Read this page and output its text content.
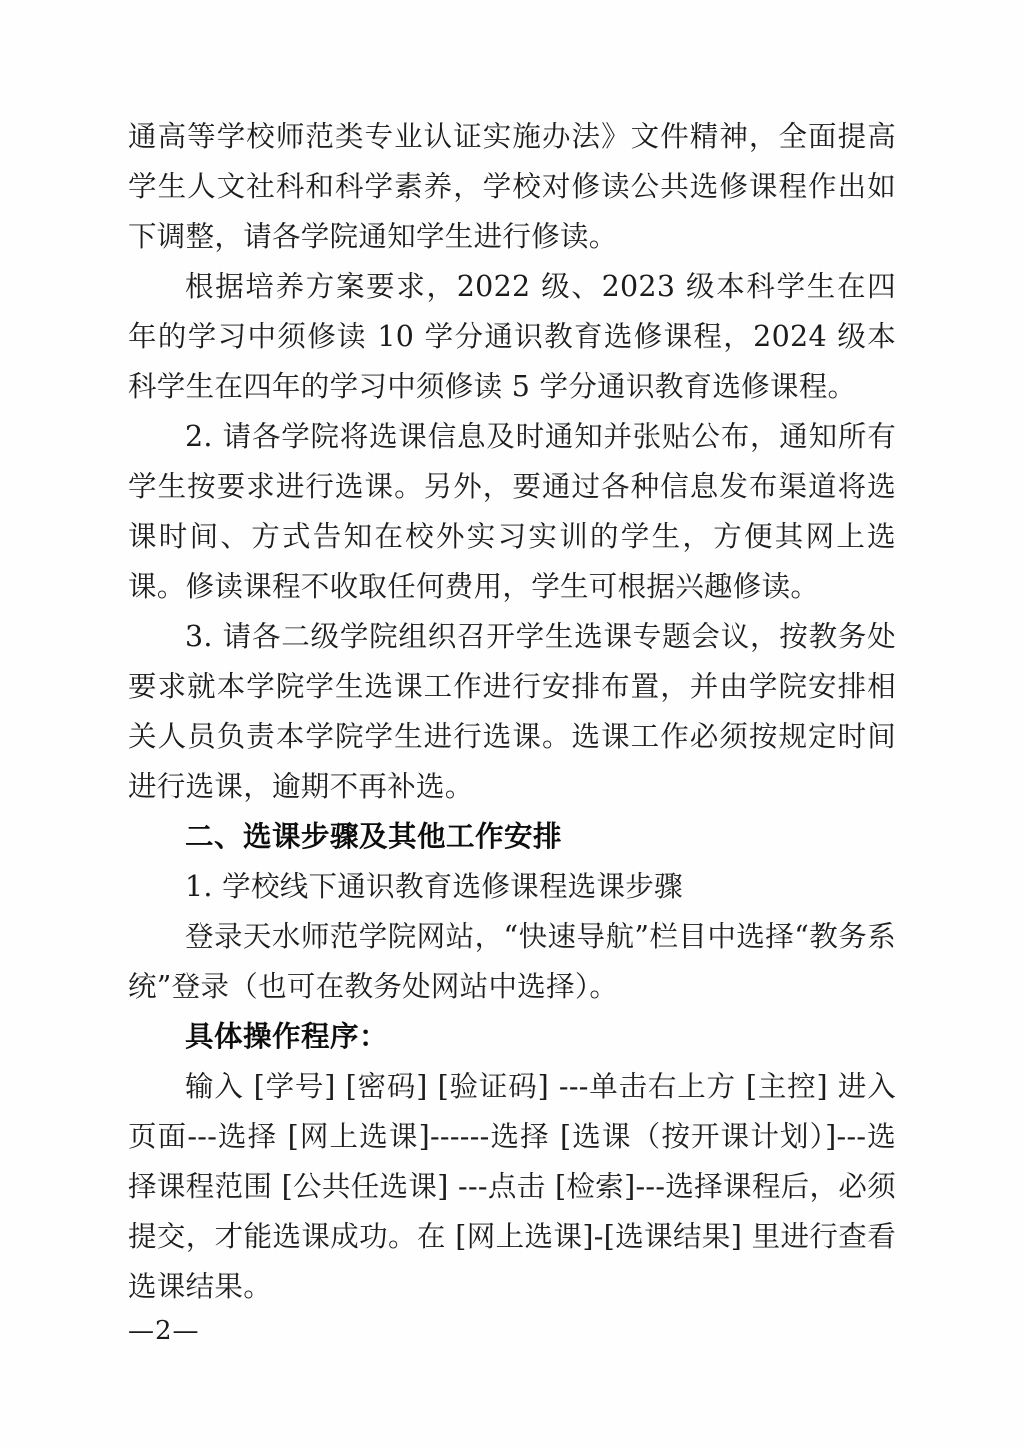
通高等学校师范类专业认证实施办法》文件精神，全面提高学生人文社科和科学素养，学校对修读公共选修课程作出如下调整，请各学院通知学生进行修读。

根据培养方案要求，2022 级、2023 级本科学生在四年的学习中须修读 10 学分通识教育选修课程，2024 级本科学生在四年的学习中须修读 5 学分通识教育选修课程。

2. 请各学院将选课信息及时通知并张贴公布，通知所有学生按要求进行选课。另外，要通过各种信息发布渠道将选课时间、方式告知在校外实习实训的学生，方便其网上选课。修读课程不收取任何费用，学生可根据兴趣修读。

3. 请各二级学院组织召开学生选课专题会议，按教务处要求就本学院学生选课工作进行安排布置，并由学院安排相关人员负责本学院学生进行选课。选课工作必须按规定时间进行选课，逾期不再补选。

二、选课步骤及其他工作安排

1. 学校线下通识教育选修课程选课步骤

登录天水师范学院网站，“快速导航”栏目中选择“教务系统”登录（也可在教务处网站中选择）。

具体操作程序：

输入 [学号] [密码] [验证码] ---单击右上方 [主控] 进入页面---选择 [网上选课]------选择 [选课（按开课计划）]---选择课程范围 [公共任选课] ---点击 [检索]---选择课程后，必须提交，才能选课成功。在 [网上选课]-[选课结果] 里进行查看选课结果。

—2—
